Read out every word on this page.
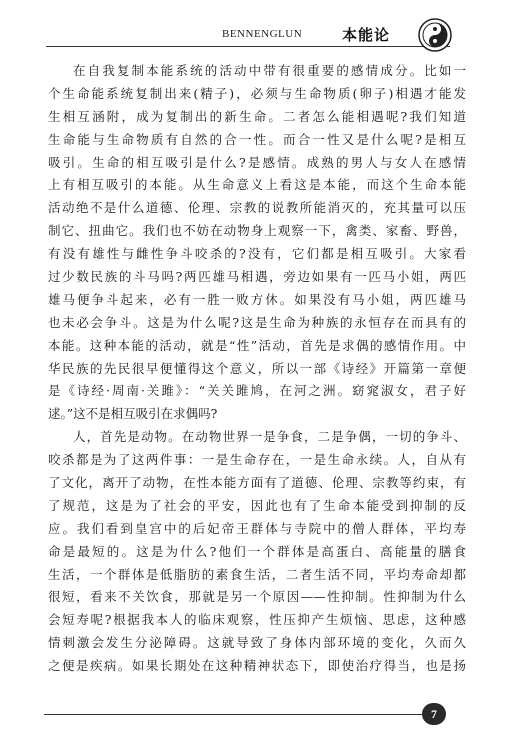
BENNENGLUN	本能论
在自我复制本能系统的活动中带有很重要的感情成分。比如一
个生命能系统复制出来(精子)，必须与生命物质(卵子)相遇才能发
生相互涵附，成为复制出的新生命。二者怎么能相遇呢?我们知道
生命能与生命物质有自然的合一性。而合一性又是什么呢?是相互
吸引。生命的相互吸引是什么?是感情。成熟的男人与女人在感情
上有相互吸引的本能。从生命意义上看这是本能，而这个生命本能
活动绝不是什么道德、伦理、宗教的说教所能消灭的，充其量可以压
制它、扭曲它。我们也不妨在动物身上观察一下，禽类、家畜、野兽，
有没有雄性与雌性争斗咬杀的?没有，它们都是相互吸引。大家看
过少数民族的斗马吗?两匹雄马相遇，旁边如果有一匹马小姐，两匹
雄马便争斗起来，必有一胜一败方休。如果没有马小姐，两匹雄马
也未必会争斗。这是为什么呢?这是生命为种族的永恒存在而具有的
本能。这种本能的活动，就是“性”活动，首先是求偶的感情作用。中
华民族的先民很早便懂得这个意义，所以一部《诗经》开篇第一章便
是《诗经·周南·关雎》：“关关雎鸠，在河之洲。窈窕淑女，君子好
逑。”这不是相互吸引在求偶吗?
人，首先是动物。在动物世界一是争食，二是争偶，一切的争斗、
咬杀都是为了这两件事：一是生命存在，一是生命永续。人，自从有
了文化，离开了动物，在性本能方面有了道德、伦理、宗教等约束，有
了规范，这是为了社会的平安，因此也有了生命本能受到抑制的反
应。我们看到皇宫中的后妃帝王群体与寺院中的僧人群体，平均寿
命是最短的。这是为什么?他们一个群体是高蛋白、高能量的膳食
生活，一个群体是低脂肪的素食生活，二者生活不同，平均寿命却都
很短，看来不关饮食，那就是另一个原因——性抑制。性抑制为什么
会短寿呢?根据我本人的临床观察，性压抑产生烦恼、思虑，这种感
情刺激会发生分泌障碍。这就导致了身体内部环境的变化，久而久
之便是疾病。如果长期处在这种精神状态下，即使治疗得当，也是扬
7
